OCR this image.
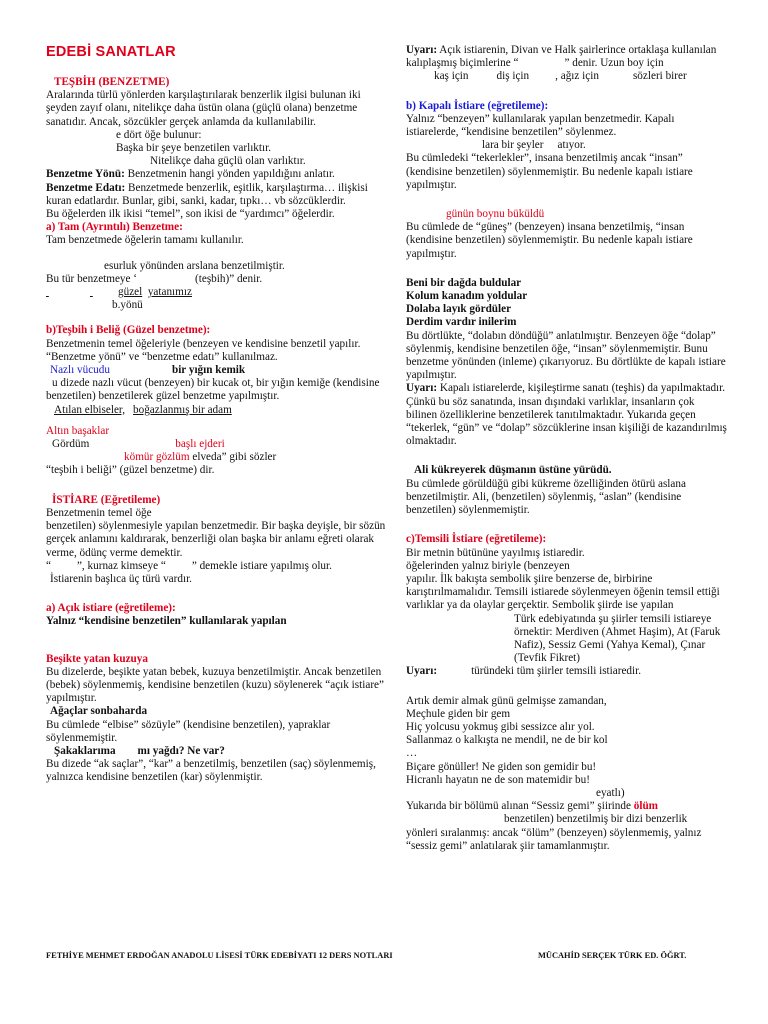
EDEBİ SANATLAR

TEŞBİH (BENZETME)

Aralarında türlü yönlerden karşılaştırılarak benzerlik ilgisi bulunan iki şeyden zayıf olanı, nitelikçe daha üstün olana (güçlü olana) benzetme sanatıdır. Ancak, sözcükler gerçek anlamda da kullanılabilir.

e dört öğe bulunur:

Başka bir şeye benzetilen varlıktır.

Nitelikçe daha güçlü olan varlıktır.

Benzetme Yönü: Benzetmenin hangi yönden yapıldığını anlatır.

Benzetme Edatı: Benzetmede benzerlik, eşitlik, karşılaştırma… ilişkisi kuran edatlardır. Bunlar, gibi, sanki, kadar, tıpkı… vb sözcüklerdir.

Bu öğelerden ilk ikisi “temel”, son ikisi de “yardımcı” öğelerdir.

a) Tam (Ayrıntılı) Benzetme:

Tam benzetmede öğelerin tamamı kullanılır.

esurluk yönünden arslana benzetilmiştir.

Bu tür benzetmeye ‘	(teşbih)” denir.

güzel yatanımız

b.yönü

b)Teşbih i Beliğ (Güzel benzetme):

Benzetmenin temel öğeleriyle (benzeyen ve kendisine benzetil yapılır. “Benzetme yönü” ve “benzetme edatı” kullanılmaz.

Nazlı vücudu	bir yığın kemik

u dizede nazlı vücut (benzeyen) bir kucak ot, bir yığın kemiğe (kendisine benzetilen) benzetilerek güzel benzetme yapılmıştır.

Atılan elbiseler, boğazlanmış bir adam

Altın başaklar

Gördüm	başlı ejderi

kömür gözlüm elveda” gibi sözler

“teşbih i beliği” (güzel benzetme) dir.

İSTİARE (Eğretileme)

Benzetmenin temel öğe

benzetilen) söylenmesiyle yapılan benzetmedir. Bir başka deyişle, bir sözün gerçek anlamını kaldırarak, benzerliği olan başka bir anlamı eğreti olarak verme, ödünç verme demektir.

“ ”, kurnaz kimseye “ ” demekle istiare yapılmış olur.

İstiarenin başlıca üç türü vardır.

a) Açık istiare (eğretileme):

Yalnız “kendisine benzetilen” kullanılarak yapılan

Beşikte yatan kuzuya

Bu dizelerde, beşikte yatan bebek, kuzuya benzetilmiştir. Ancak benzetilen (bebek) söylenmemiş, kendisine benzetilen (kuzu) söylenerek “açık istiare” yapılmıştır.

Ağaçlar sonbaharda

Bu cümlede “elbise” sözüyle” (kendisine benzetilen), yapraklar söylenmemiştir.

Şakaklarıma mı yağdı? Ne var?

Bu dizede “ak saçlar”, “kar” a benzetilmiş, benzetilen (saç) söylenmemiş, yalnızca kendisine benzetilen (kar) söylenmiştir.

Uyarı: Açık istiarenin, Divan ve Halk şairlerince ortaklaşa kullanılan kalıplaşmış biçimlerine “	” denir. Uzun boy için

kaş için	diş için , ağız için	sözleri birer

b) Kapalı İstiare (eğretileme):

Yalnız “benzeyen” kullanılarak yapılan benzetmedir. Kapalı istiarelerde, “kendisine benzetilen” söylenmez.

lara bir şeyler atıyor.

Bu cümledeki “tekerlekler”, insana benzetilmiş ancak “insan” (kendisine benzetilen) söylenmemiştir. Bu nedenle kapalı istiare yapılmıştır.

günün boynu büküldü

Bu cümlede de “güneş” (benzeyen) insana benzetilmiş, “insan (kendisine benzetilen) söylenmemiştir. Bu nedenle kapalı istiare yapılmıştır.

Beni bir dağda buldular

Kolum kanadım yoldular

Dolaba layık gördüler

Derdim vardır inilerim

Bu dörtlükte, “dolabın döndüğü” anlatılmıştır. Benzeyen öğe “dolap” söylenmiş, kendisine benzetilen öğe, “insan” söylenmemiştir. Bunu benzetme yönünden (inleme) çıkarıyoruz. Bu dörtlükte de kapalı istiare yapılmıştır.

Uyarı: Kapalı istiarelerde, kişileştirme sanatı (teşhis) da yapılmaktadır. Çünkü bu söz sanatında, insan dışındaki varlıklar, insanların çok bilinen özelliklerine benzetilerek tanıtılmaktadır. Yukarıda geçen “tekerlek, “gün” ve “dolap” sözcüklerine insan kişiliği de kazandırılmış olmaktadır.

Ali kükreyerek düşmanın üstüne yürüdü.

Bu cümlede görüldüğü gibi kükreme özelliğinden ötürü aslana benzetilmiştir. Ali, (benzetilen) söylenmiş, “aslan” (kendisine benzetilen) söylenmemiştir.

c)Temsili İstiare (eğretileme):

Bir metnin bütününe yayılmış istiaredir.

öğelerinden yalnız biriyle (benzeyen

yapılır. İlk bakışta sembolik şiire benzerse de, birbirine karıştırılmamalıdır. Temsili istiarede söylenmeyen öğenin temsil ettiği varlıklar ya da olaylar gerçektir. Sembolik şiirde ise yapılan

Türk edebiyatında şu şiirler temsili istiareye örnektir: Merdiven (Ahmet Haşim), At (Faruk Nafiz), Sessiz Gemi (Yahya Kemal), Çınar (Tevfik Fikret)

Uyarı:	türündeki tüm şiirler temsili istiaredir.

Artık demir almak günü gelmişse zamandan,

Meçhule giden bir gem

Hiç yolcusu yokmuş gibi sessizce alır yol.

Sallanmaz o kalkışta ne mendil, ne de bir kol

…

Biçare gönüller! Ne giden son gemidir bu!

Hicranlı hayatın ne de son matemidir bu!

eyatlı)

Yukarıda bir bölümü alınan “Sessiz gemi” şiirinde ölüm

benzetilen) benzetilmiş bir dizi benzerlik

yönleri sıralanmış: ancak “ölüm” (benzeyen) söylenmemiş, yalnız “sessiz gemi” anlatılarak şiir tamamlanmıştır.

FETHİYE MEHMET ERDOĞAN ANADOLU LİSESİ TÜRK EDEBİYATI 12 DERS NOTLARI	MÜCAHİD SERÇEK TÜRK ED. ÖĞRT.
